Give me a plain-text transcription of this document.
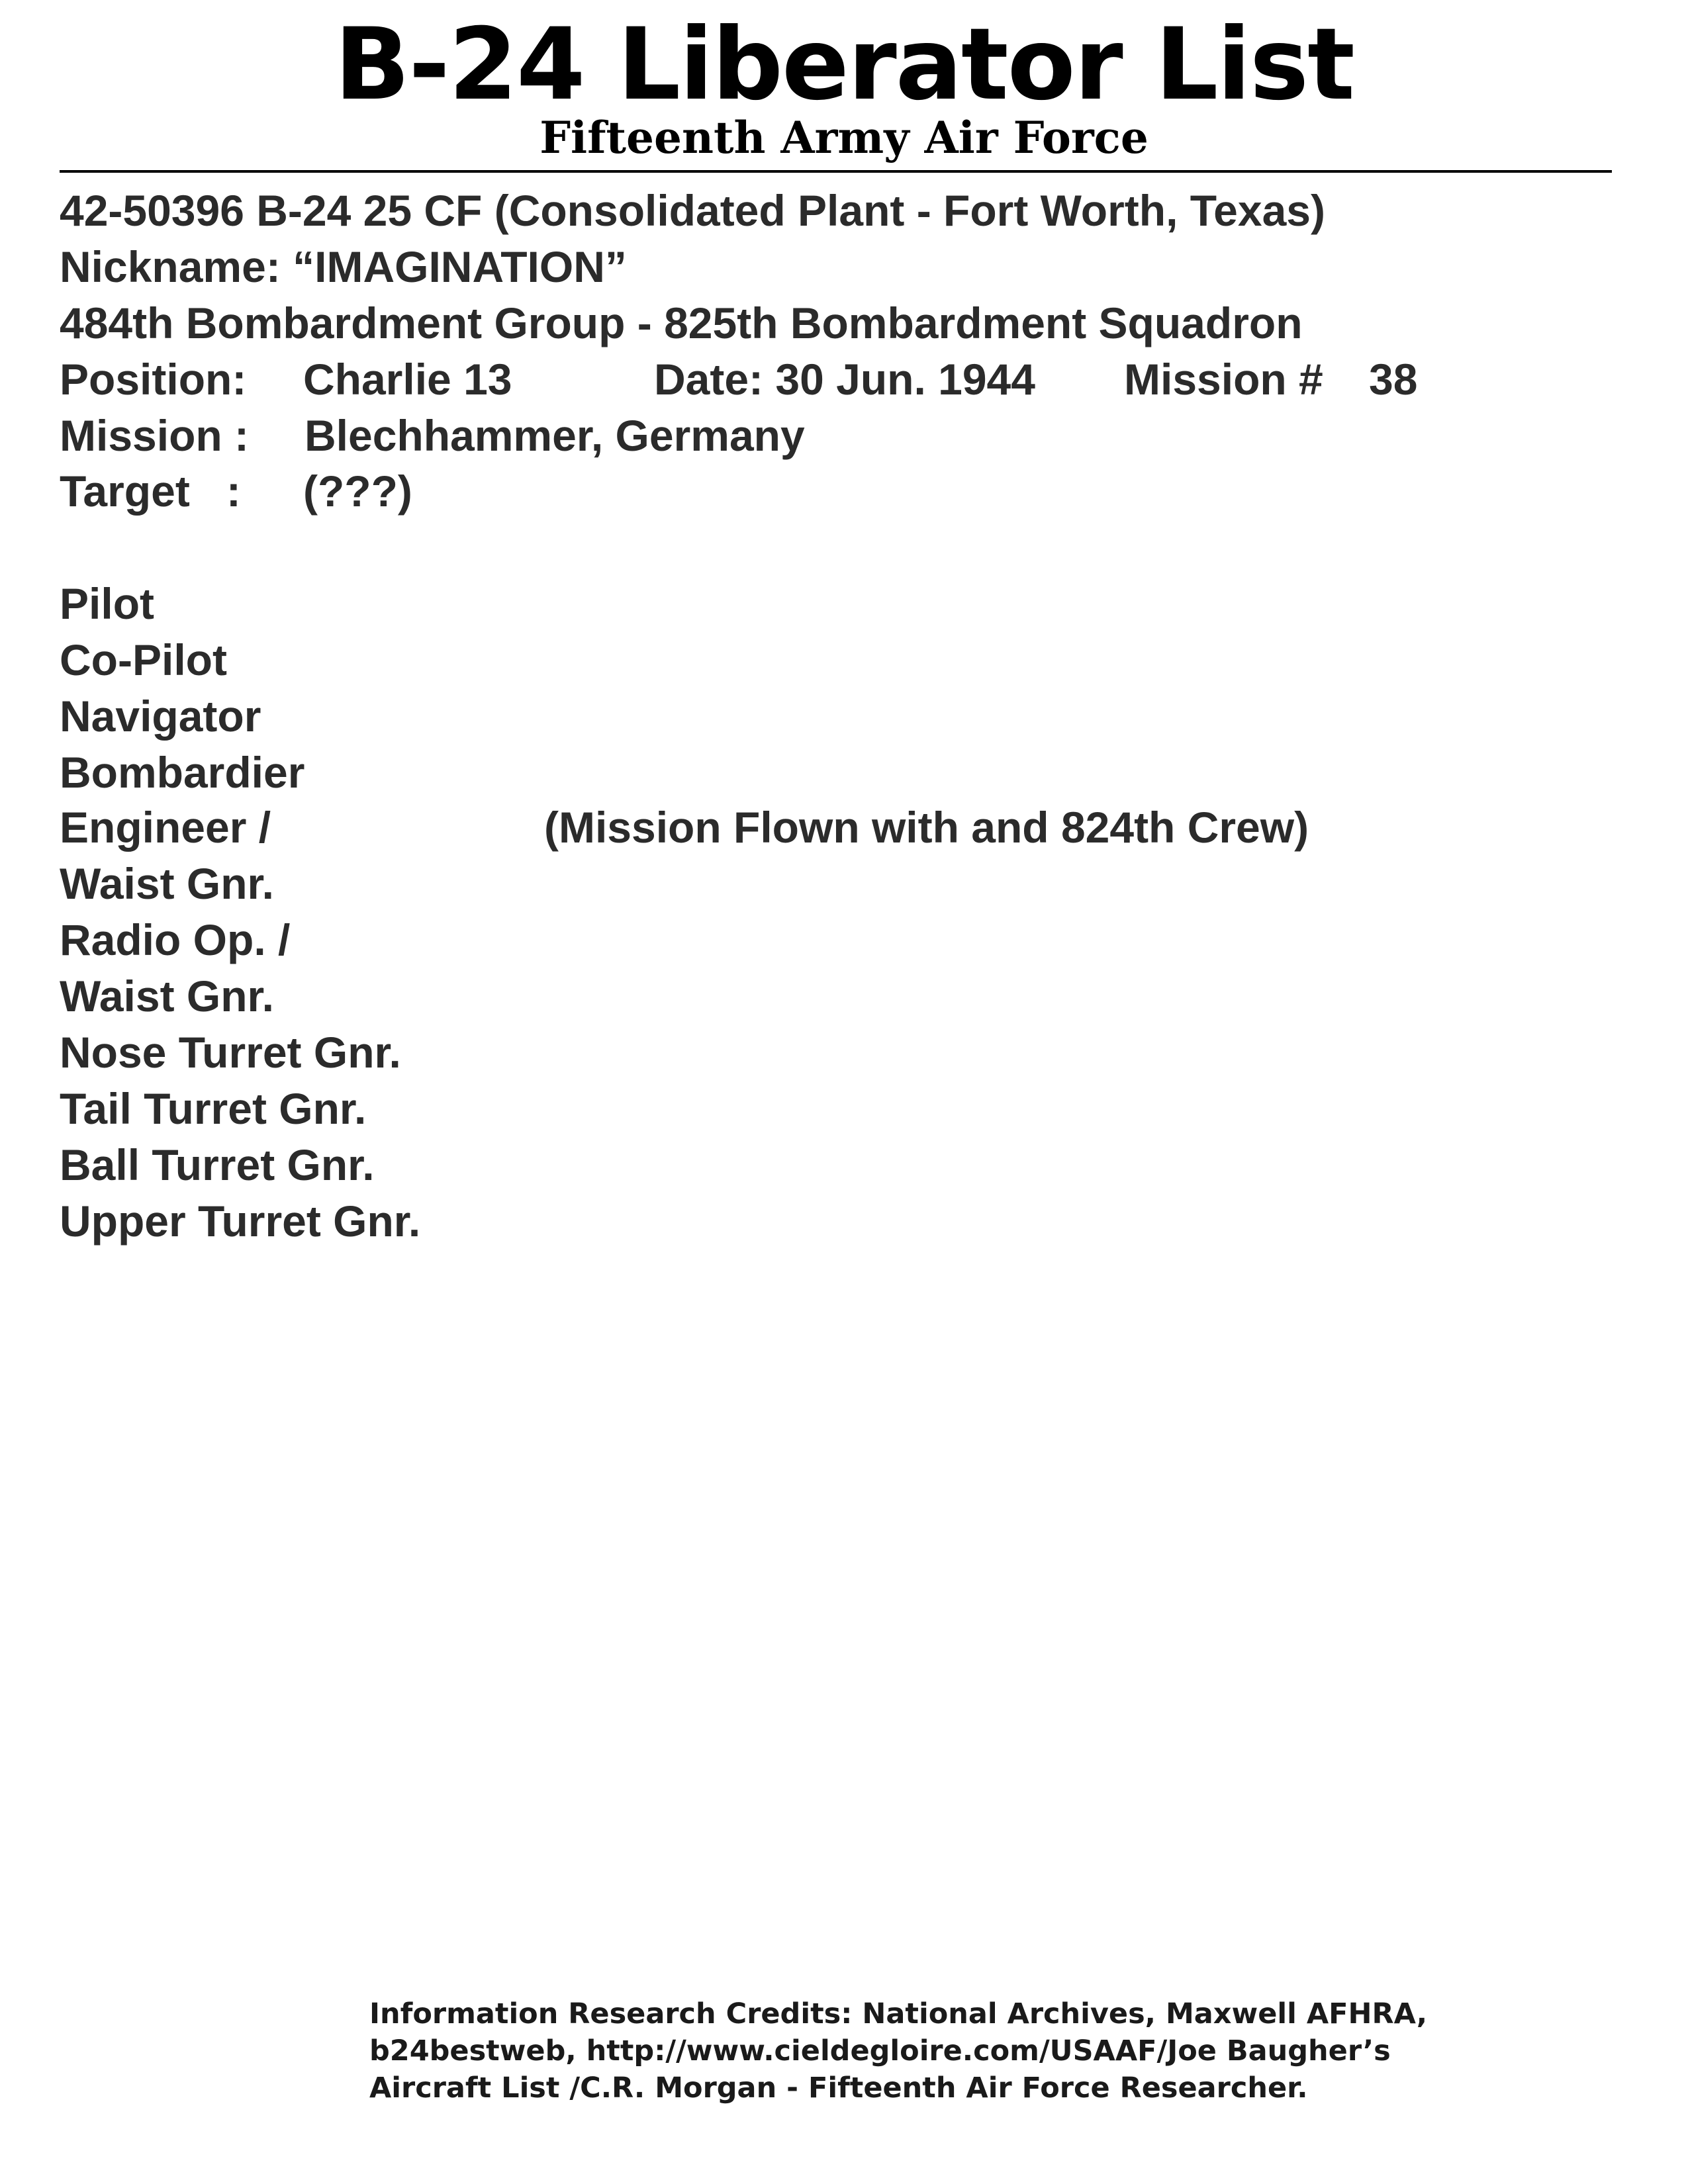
B-24 Liberator List
Fifteenth Army Air Force
42-50396 B-24 25 CF (Consolidated Plant - Fort Worth, Texas)
Nickname: “IMAGINATION”
484th Bombardment Group - 825th Bombardment Squadron
Position: Charlie 13	Date: 30 Jun. 1944 Mission # 38
Mission : Blechhammer, Germany
Target   : (???)
Pilot
Co-Pilot
Navigator
Bombardier
Engineer /
Waist Gnr.
Radio Op. /
Waist Gnr.
Nose Turret Gnr.
Tail Turret Gnr.
Ball Turret Gnr.
Upper Turret Gnr.
(Mission Flown with and 824th Crew)
Information Research Credits: National Archives, Maxwell AFHRA,
b24bestweb, http://www.cieldegloire.com/USAAF/Joe Baugher’s
Aircraft List /C.R. Morgan - Fifteenth Air Force Researcher.
